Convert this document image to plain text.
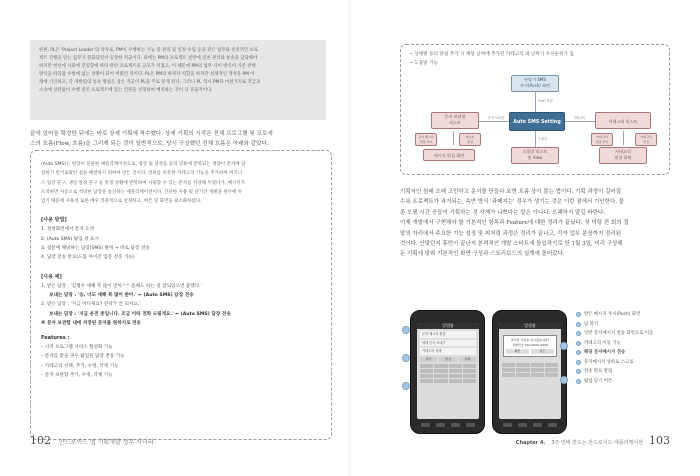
한편, PL은 'Project Leader'의 약자로, PM이 수행하는 기능 중 관리 및 일정 수립 등과 같은 업무와 실질적인 프로

젝트 진행을 맡는 업무가 분화되면서 등장한 직군이다. 외에는 PM의 프로젝트 전반에 걸친 관리와 통솔을 담당해야

하지만 현실에 사회에 진입함에 따라 관련 프로젝트의 규모가 커졌고, 이 때문에 PM의 업무 사이 방식이 기존 관행

방식을 따라잡 수밖에 없는 상황이 되어 버렸던 것이다. PL은 PM의 하위자 역할을 하지만 실제적인 생성을 PM 아

래에 기인하고, 각 개발팀의 통솔 방침은 상은 직군이 PL을 주로 맡게 된다. 그러니 PL 역시 PM과 마찬가지로 직급과

소속에 상관없이 수행 중인 프로젝트에 있는 인원을 선정하여 배치하는 것이 더 효율적이다.

끝에 일어을 확정한 뒤에는 바로 상세 기획에 착수했다. 상세 기획의 시작은 전체 프로그램 및 프로세
스의 흐름(Flow, 흐름)을 그리게 되는 것이 일반적으로, 당시 구상했던 전체 흐름은 아래와 같았다.
(Auto SMS)는 원장이 실물한 애플리케이션으로, 영상 및 설정을 등의 연휴에 반복되는 재량이 문자메 답
장하기 번거로웠던 점을 해결하기 위하여 만든 것이다. 연휴를 비롯한 카테고리 기능을 추가하여 버즈니
스 업장 문구, 생일 알정 문구 등 특정 상황에 반복하여 사용할 수 있는 문자를 저장해 두었다가, 메시지가
도착하면 자동으로 적당한 답장을 송신하는 애플리케이션이다. 간단한 사용 및 단기간 개발을 원두에 두
었기 때문에 사용성 또한 매우 직관적으로 설정하고, 버튼 및 화면을 최소화하였다.
[사용 방법]
1. 설정화면에서 문자 도착
2. (Auto SMS) 팝업 창 표시
3. 질문에 해당하는 답장(SMS) 클릭 → 바로 답장 전송
4. 답장 전송 완료(드롭 아이콘 입문 전송 가능)
[사용 예]
1. 받은 답장 : '김철수 새해 복 많이 받아^^ 올해도 하는 일 잘되었으면 좋겠다.'
보내는 답장 : '응, 너도 새해 복 많이 받아.' ← (Auto SMS) 답장 전송
2. 받은 답장 : '지금 어디세요? 연락가 안 되셔요.'
보내는 답장 : '지금 운전 중입니다. 조금 이따 전화 드릴게요.' ← (Auto SMS) 답장 전송
※ 문자 보관함 내에 저장된 문자를 원하지로 전송
Features :
– 시작 프로그램 서비스 활성화 기능
– 문자를 받을 경우 팝업된 답장 전송 기능
– 카테고리 선택, 추가, 수정, 삭제 기능
– 문자 보관함 추가, 수정, 삭제 기능
102 안드로이드 앱 기획개발 성무 시나리
~ 상태별 등의 알림 추가 시 해당 날짜에 추가된 카테고리 내 날짜가 우선순위가 됨
~ 도움말 기능
문자 보관함	카테고리
Push 알림
도움말
단말기 SMS
푸시(Push) 화면
Auto SMS Setting
문자 보관함
리스트	카테고리 리스트
문자 메시지
편집 추가
메시지
편집
카테고리
편집 추가
카테고리
편집
메시지 편집 화면
도움말 리스트
및 View
카테고리
편집 화면
기획자인 원래 오래 고민하고 문서를 만들다 보면 흐름 상이 불는 법이다. 기획 과정이 길어질
수록 프로젝트가 과거되는, 속반 방식 '과폐지는' 경우가 생기는 것은 이런 점에서 기인한다. 물
론 오랜 시간 공들여 기획하는 것 자체가 나쁘다는 말은 아니다. 오해하지 말길 바란다.
이제 개발에서 구현해야 할 기본적인 항목과 Feature에 대한 정리가 끝났다. 첫 미팅 전 회의 결
말의 자리에서 주요한 기능 설정 및 피처링 과정은 정리가 끝나고, 각자 업무 분장까지 정리된
것이다. 안맞던지 휴먼이 끝난지 본격적인 개발 스타트에 돌입하기로 한 1월 3일, 미리 구상해
둔 기획에 맞춰 기본적인 화면 구성과 스토리보드의 설계에 돌어갔다.
알림함
문자 메시지 편집
새해 인사 보내기
카테고리 선택
추가	편집	삭제
알림함
알림함 답장을 하시겠습니까?
전화번호 010-0000-0000
확인	취소
받은 메시지 푸시(Push) 화면
답 알기
일반 문자메시지 전송 화면으로 이동
카테고리 이동 기능
해당 문자메시지 전송
문자메시지 상하로 스크롤
전송 완료 알림
팝업 닫기 버튼
Chapter 4. 3주 만에 만드는 안드로이드 애플리케이션 103
